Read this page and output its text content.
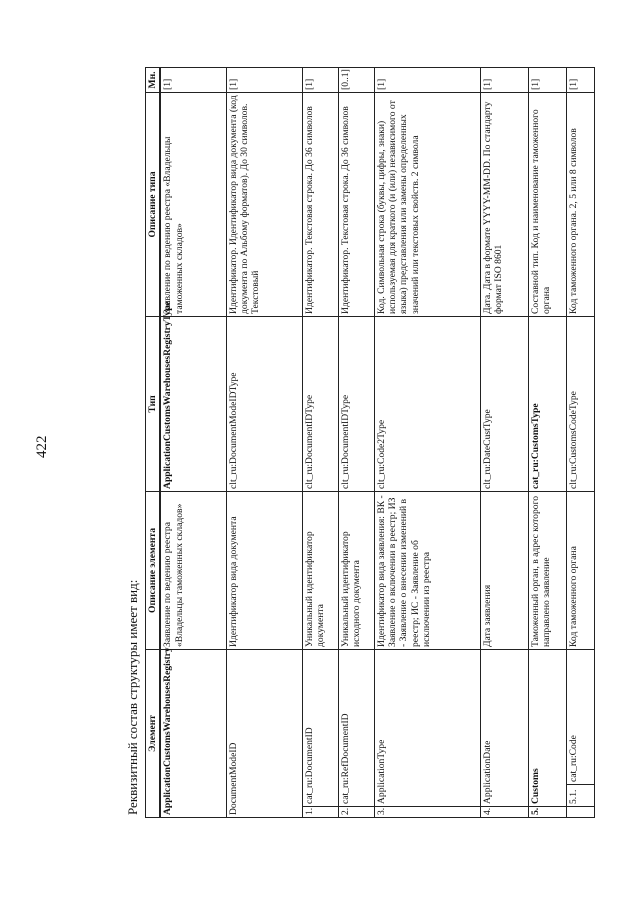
422
Реквизитный состав структуры имеет вид: Элемент			Описание элемента	Тип	Описание типа	Мн.
ApplicationCustomsWarehousesRegistry			Заявление по ведению реестра «Владельцы таможенных складов»	ApplicationCustomsWarehousesRegistryType	Заявление по ведению реестра «Владельцы таможенных складов»	[1]
DocumentModeID			Идентификатор вида документа	clt_ru:DocumentModeIDType	Идентификатор. Идентификатор вида документа (код документа по Альбому форматов). До 30 символов. Текстовый	[1]
1.	cat_ru:DocumentID		Уникальный идентификатор документа	clt_ru:DocumentIDType	Идентификатор. Текстовая строка. До 36 символов	[1]
2.	cat_ru:RefDocumentID		Уникальный идентификатор исходного документа	clt_ru:DocumentIDType	Идентификатор. Текстовая строка. До 36 символов	[0..1]
3.	ApplicationType		Идентификатор вида заявления: ВК - Заявление о включении в реестр; ИЗ - Заявление о внесении изменений в реестр; ИС - Заявление об исключении из реестра	clt_ru:Code2Type	Код. Символьная строка (буквы, цифры, знаки) используемая для краткого (и (или) независимого от языка) представления или замены определенных значений или текстовых свойств. 2 символа	[1]
4.	ApplicationDate		Дата заявления	clt_ru:DateCustType	Дата. Дата в формате YYYY-MM-DD. По стандарту формат ISO 8601	[1]
5.	Customs		Таможенный орган, в адрес которого направлено заявление	cat_ru:CustomsType	Составной тип. Код и наименование таможенного органа	[1]
	5.1.	cat_ru:Code	Код таможенного органа	clt_ru:CustomsCodeType	Код таможенного органа. 2, 5 или 8 символов	[1]
